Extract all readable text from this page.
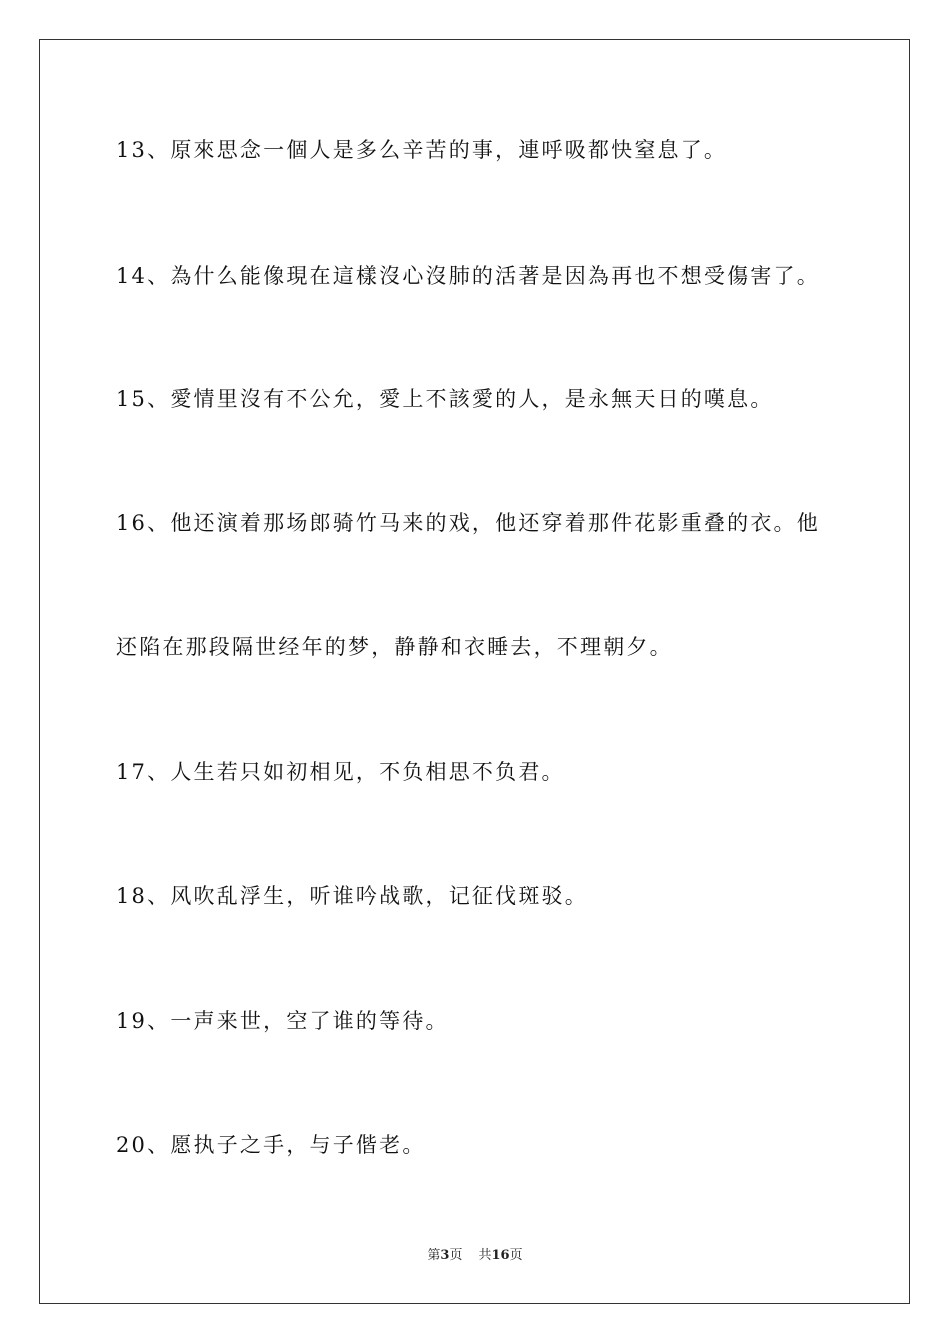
13、原來思念一個人是多么辛苦的事，連呼吸都快窒息了。
14、為什么能像現在這樣沒心沒肺的活著是因為再也不想受傷害了。
15、愛情里沒有不公允，愛上不該愛的人，是永無天日的嘆息。
16、他还演着那场郎骑竹马来的戏，他还穿着那件花影重叠的衣。他
还陷在那段隔世经年的梦，静静和衣睡去，不理朝夕。
17、人生若只如初相见，不负相思不负君。
18、风吹乱浮生，听谁吟战歌，记征伐斑驳。
19、一声来世，空了谁的等待。
20、愿执子之手，与子偕老。
第3页 共16页
